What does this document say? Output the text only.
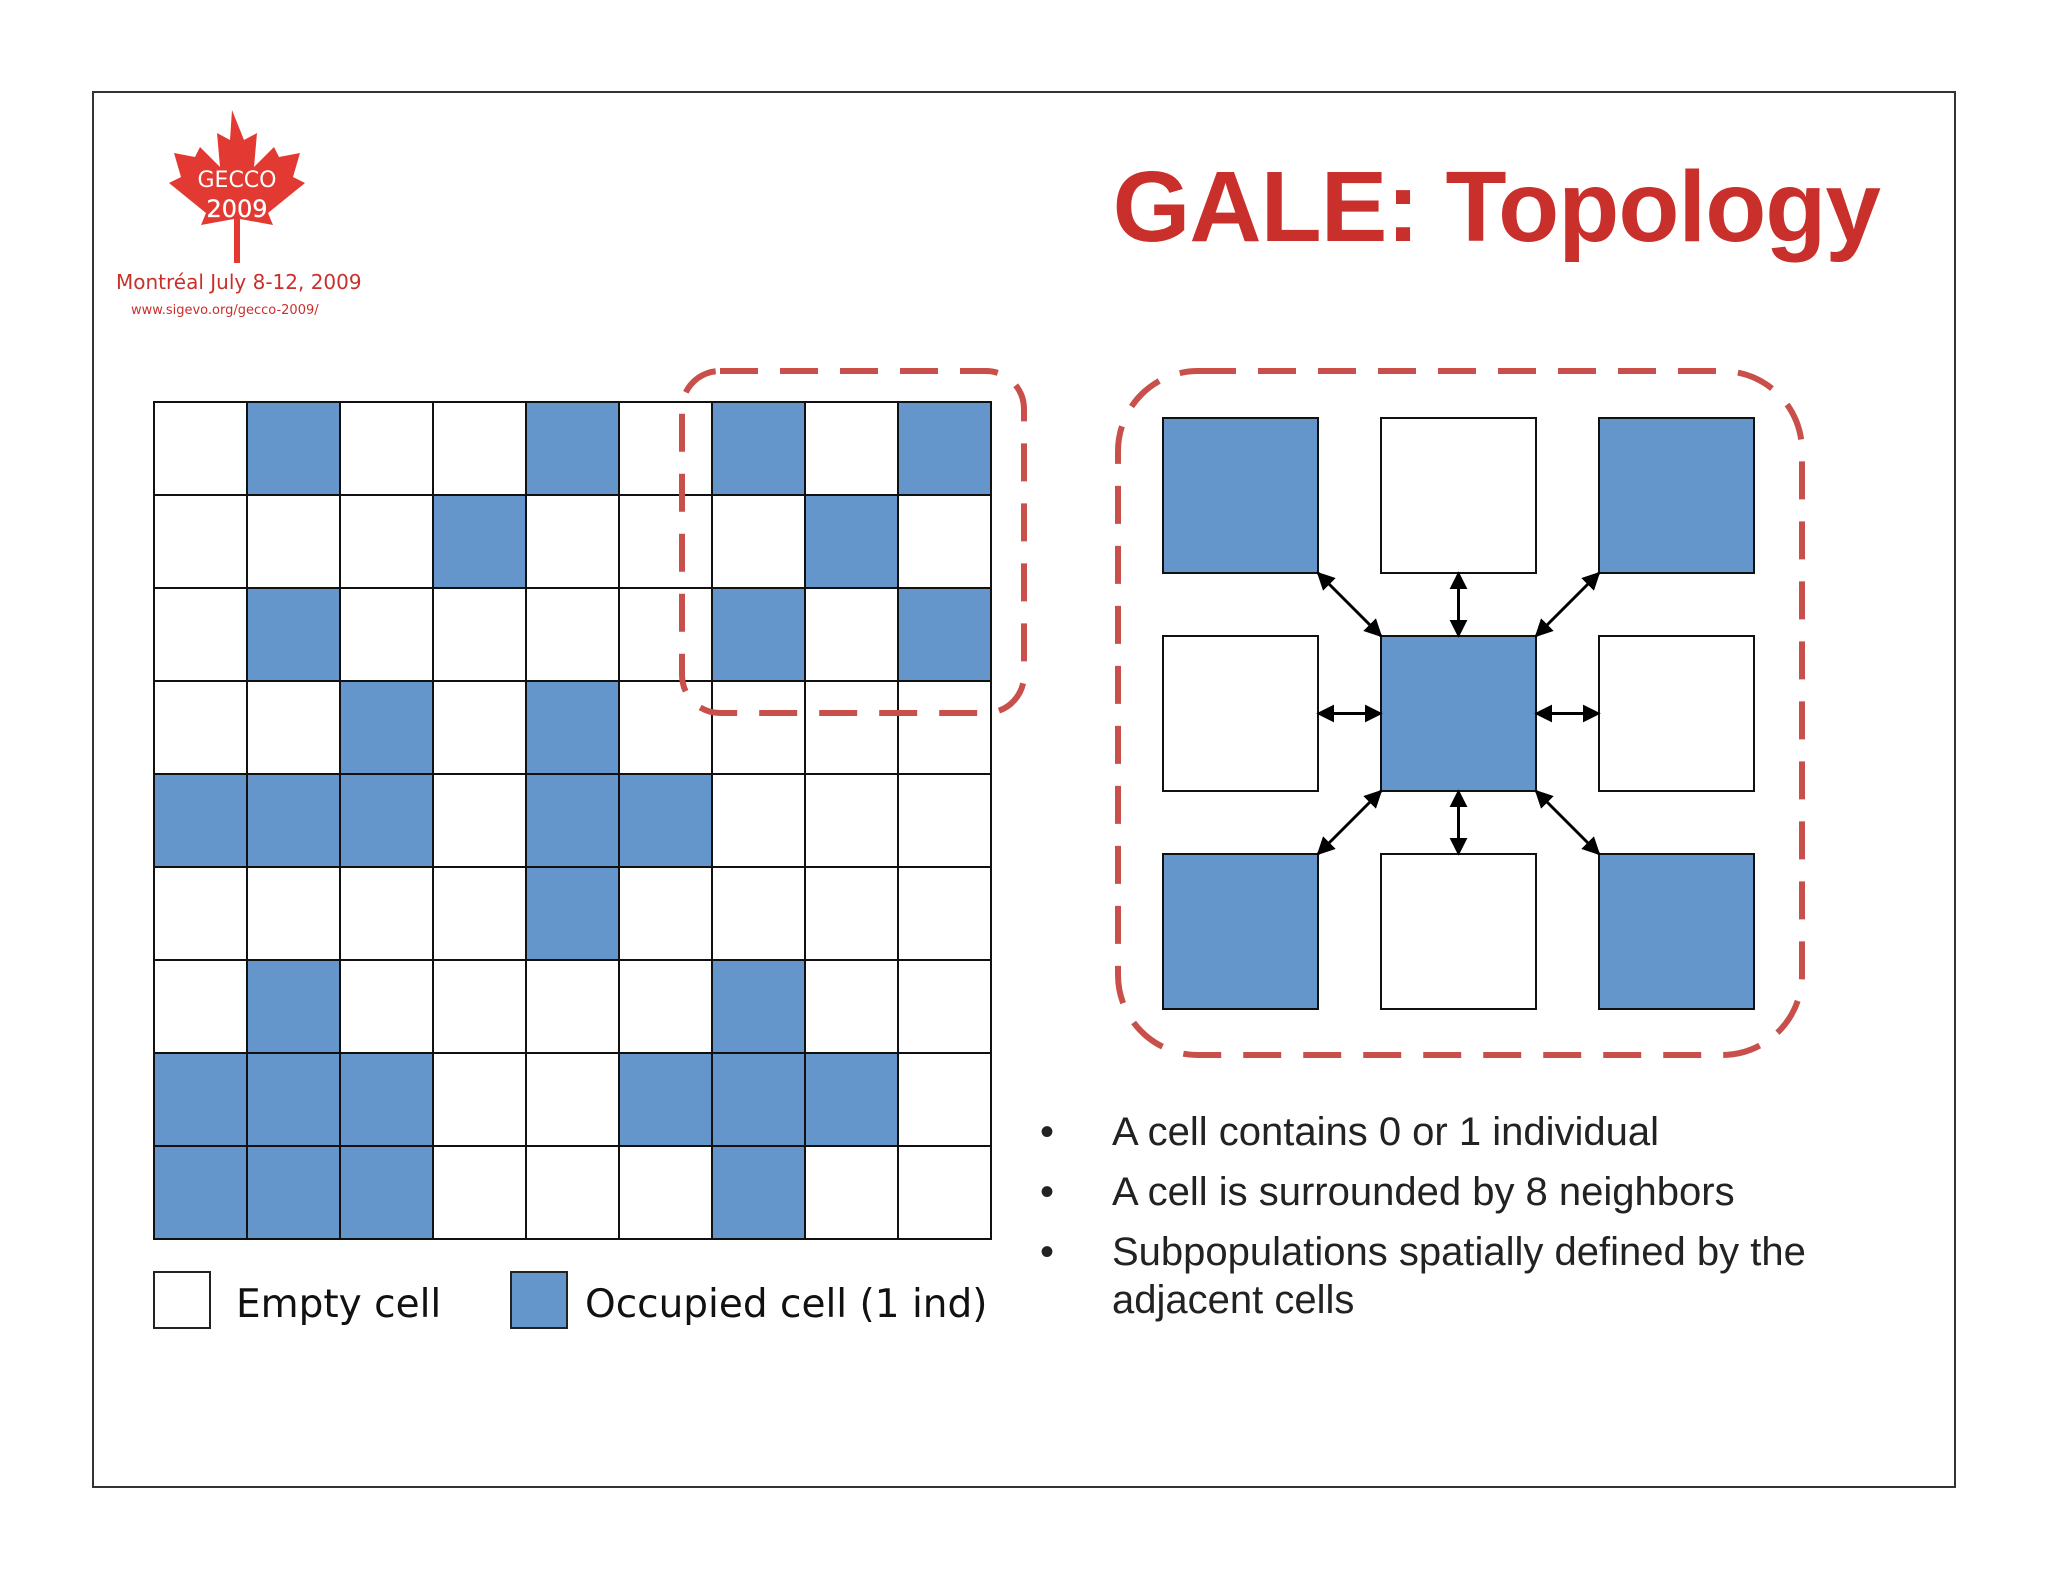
GECCO
2009
Montréal July 8-12, 2009
www.sigevo.org/gecco-2009/
GALE: Topology
Empty cell	Occupied cell (1 ind)
• A cell contains 0 or 1 individual
• A cell is surrounded by 8 neighbors
• Subpopulations spatially defined by the adjacent cells
